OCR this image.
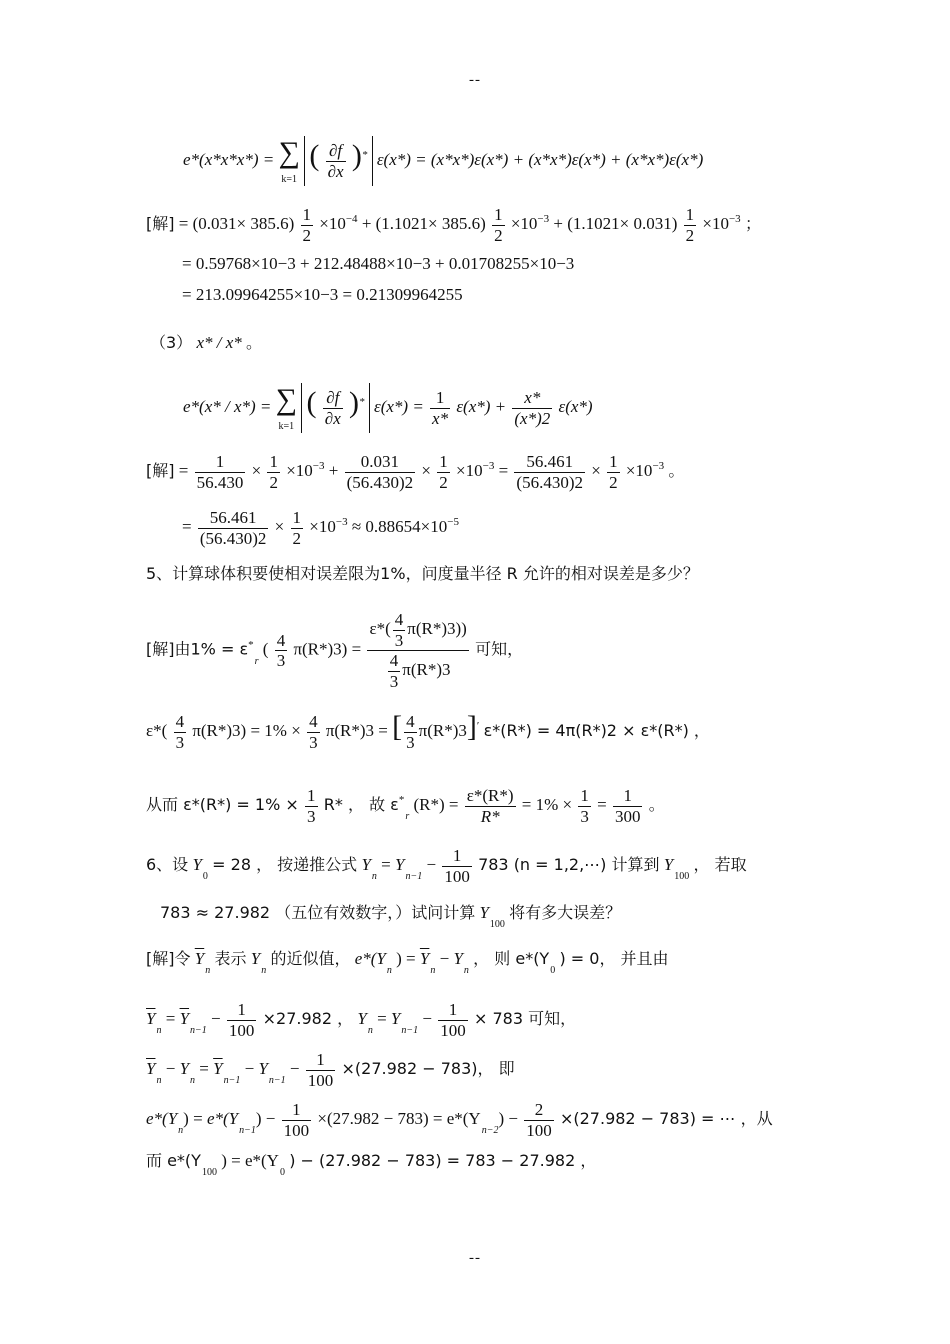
--
e*(x*x*x*) = ∑
k=1  ( $\frac{\partial f}{\partial x} )^*$ ε(x*) = (x*x*)ε(x*) + (x*x*)ε(x*) + (x*x*)ε(x*)
[解] = $(0.031\times 385.6) \frac{1}{2} \times 10^{-4} + (1.1021\times 385.6) \frac{1}{2} \times 10^{-3} + (1.1021\times 0.031) \frac{1}{2} \times 10^{-3}$ ；
= 0.59768×10−3 + 212.48488×10−3 + 0.01708255×10−3
= 213.09964255×10−3 = 0.21309964255
（3） x* / x* 。
e*(x* / x*) = ∑
k=1  ( $\frac{\partial f}{\partial x} )^*$ $\varepsilon(x*) = \frac{1}{x*} \varepsilon(x*) + \frac{x*}{(x*)2} \varepsilon(x*)$
[解] = $\frac{1}{56.430} \times \frac{1}{2} \times 10^{-3} + \frac{0.031}{(56.430)2} \times \frac{1}{2} \times 10^{-3} = \frac{56.461}{(56.430)2} \times \frac{1}{2} \times 10^{-3}$ 。
= $\frac{56.461}{(56.430)2} \times \frac{1}{2} \times 10^{-3} \approx 0.88654\times 10^{-5}$
5、计算球体积要使相对误差限为1%，问度量半径 R 允许的相对误差是多少？
[解]由$1\% = \varepsilon^*_r$ ( $\frac{4}{3} \pi(R*)3) = \frac{\varepsilon*( \frac{4}{3} \pi(R*)3))}{\frac{4}{3} \pi(R*)3}$ 可知，
$\varepsilon*( \frac{4}{3} \pi(R*)3) = 1\% \times \frac{4}{3} \pi(R*)3$ = [ $\frac{4}{3} \pi(R*)3]'$ ε*(R*) = 4π(R*)2 × ε*(R*) ，
从而 $\varepsilon*(R*) = 1\% \times \frac{1}{3} R*$ ， 故 $\varepsilon^*_r$ $(R*) = \frac{\varepsilon*(R*)}{R*} = 1\% \times \frac{1}{3} = \frac{1}{300}$ 。
6、设 $Y_0 = 28$ ， 按递推公式 $Y_n = Y_{n-1} - \frac{1}{100} 783$ (n = 1,2,⋯) 计算到 $Y_{100}$ ， 若取
783 ≈ 27.982 （五位有效数字，）试问计算 $Y_{100}$ 将有多大误差？
[解]令 $\overline{Y}_n$ 表示 $Y_n$ 的近似值， $e*(Y_n$ ) = $\overline{Y}_n - Y_n$ ， 则 $e*(Y_0$ ) = 0， 并且由
$\overline{Y}_n = \overline{Y}_{n-1} - \frac{1}{100} \times 27.982$ ， $Y_n = Y_{n-1} - \frac{1}{100} \times 783$ 可知，
$\overline{Y}_n - Y_n = \overline{Y}_{n-1} - Y_{n-1} - \frac{1}{100} \times(27.982 - 783)$， 即
$e*(Y_n) = e*(Y_{n-1}) - \frac{1}{100} \times(27.982 - 783) = e*(Y_{n-2}) - \frac{2}{100} \times(27.982 - 783)$ = ⋯ ，从
而 $e*(Y_{100}$ ) = $e*(Y_0$ ) − (27.982 − 783) = 783 − 27.982 ，
--
